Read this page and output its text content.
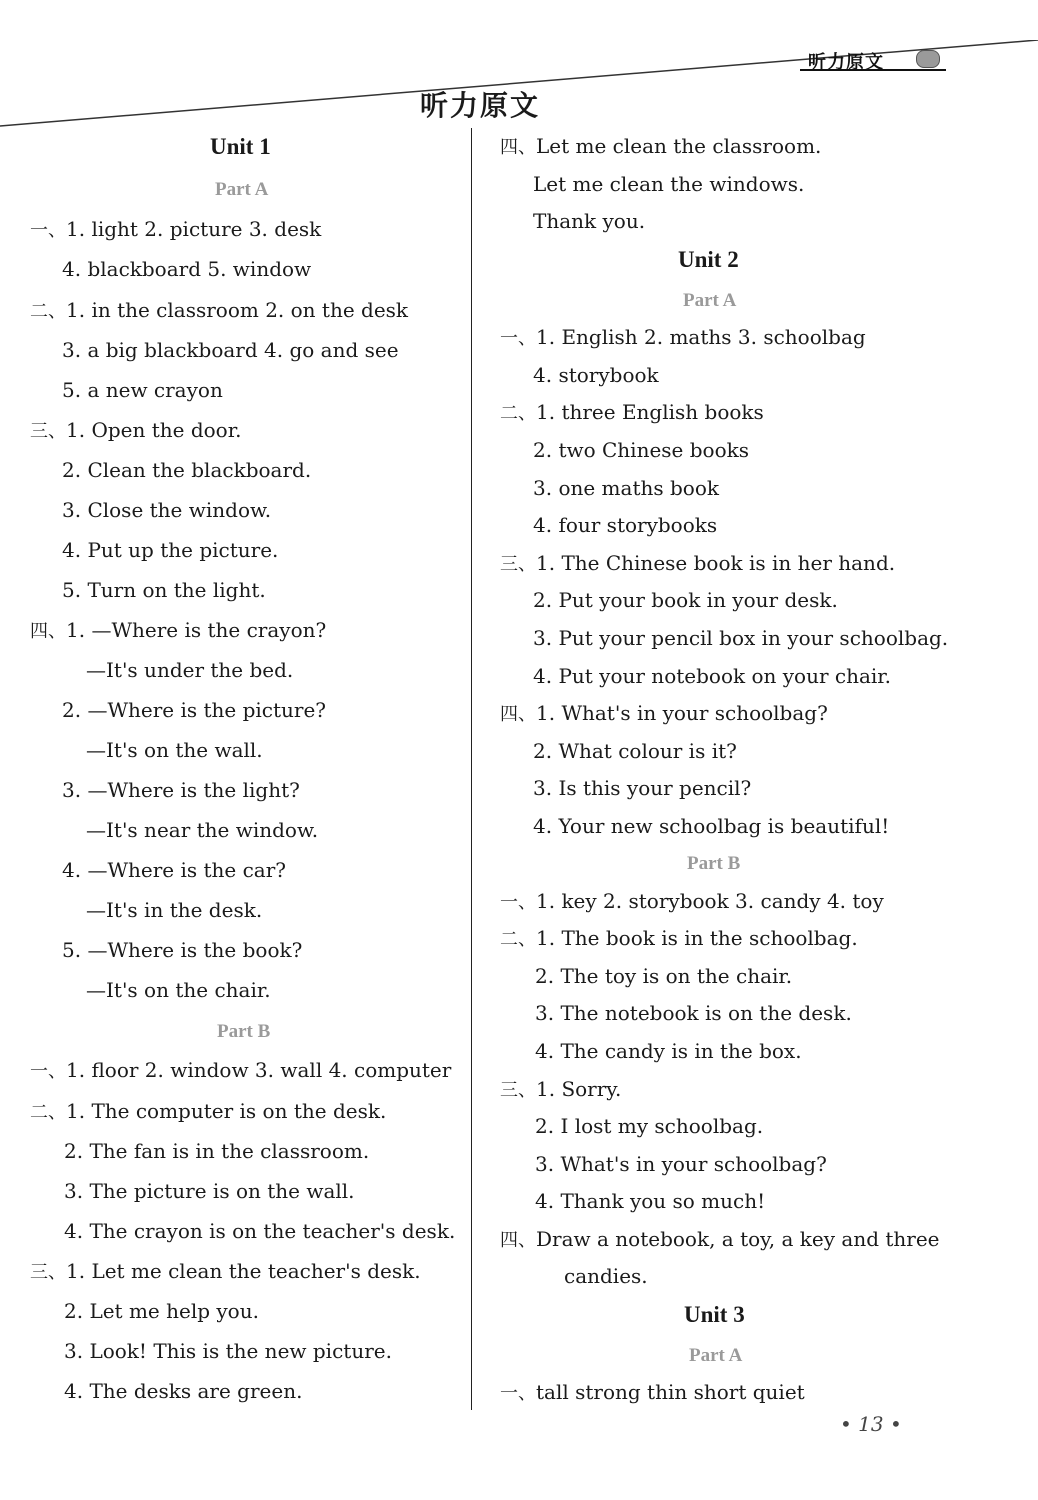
听力原文
听力原文
Unit 1
Part A
一、1. light 2. picture 3. desk
4. blackboard 5. window
二、1. in the classroom 2. on the desk
3. a big blackboard 4. go and see
5. a new crayon
三、1. Open the door.
2. Clean the blackboard.
3. Close the window.
4. Put up the picture.
5. Turn on the light.
四、1. —Where is the crayon?
—It's under the bed.
2. —Where is the picture?
—It's on the wall.
3. —Where is the light?
—It's near the window.
4. —Where is the car?
—It's in the desk.
5. —Where is the book?
—It's on the chair.
Part B
一、1. floor 2. window 3. wall 4. computer
二、1. The computer is on the desk.
2. The fan is in the classroom.
3. The picture is on the wall.
4. The crayon is on the teacher's desk.
三、1. Let me clean the teacher's desk.
2. Let me help you.
3. Look! This is the new picture.
4. The desks are green.
四、Let me clean the classroom.
Let me clean the windows.
Thank you.
Unit 2
Part A
一、1. English 2. maths 3. schoolbag
4. storybook
二、1. three English books
2. two Chinese books
3. one maths book
4. four storybooks
三、1. The Chinese book is in her hand.
2. Put your book in your desk.
3. Put your pencil box in your schoolbag.
4. Put your notebook on your chair.
四、1. What's in your schoolbag?
2. What colour is it?
3. Is this your pencil?
4. Your new schoolbag is beautiful!
Part B
一、1. key 2. storybook 3. candy 4. toy
二、1. The book is in the schoolbag.
2. The toy is on the chair.
3. The notebook is on the desk.
4. The candy is in the box.
三、1. Sorry.
2. I lost my schoolbag.
3. What's in your schoolbag?
4. Thank you so much!
四、Draw a notebook, a toy, a key and three
candies.
Unit 3
Part A
一、tall strong thin short quiet
• 13 •
